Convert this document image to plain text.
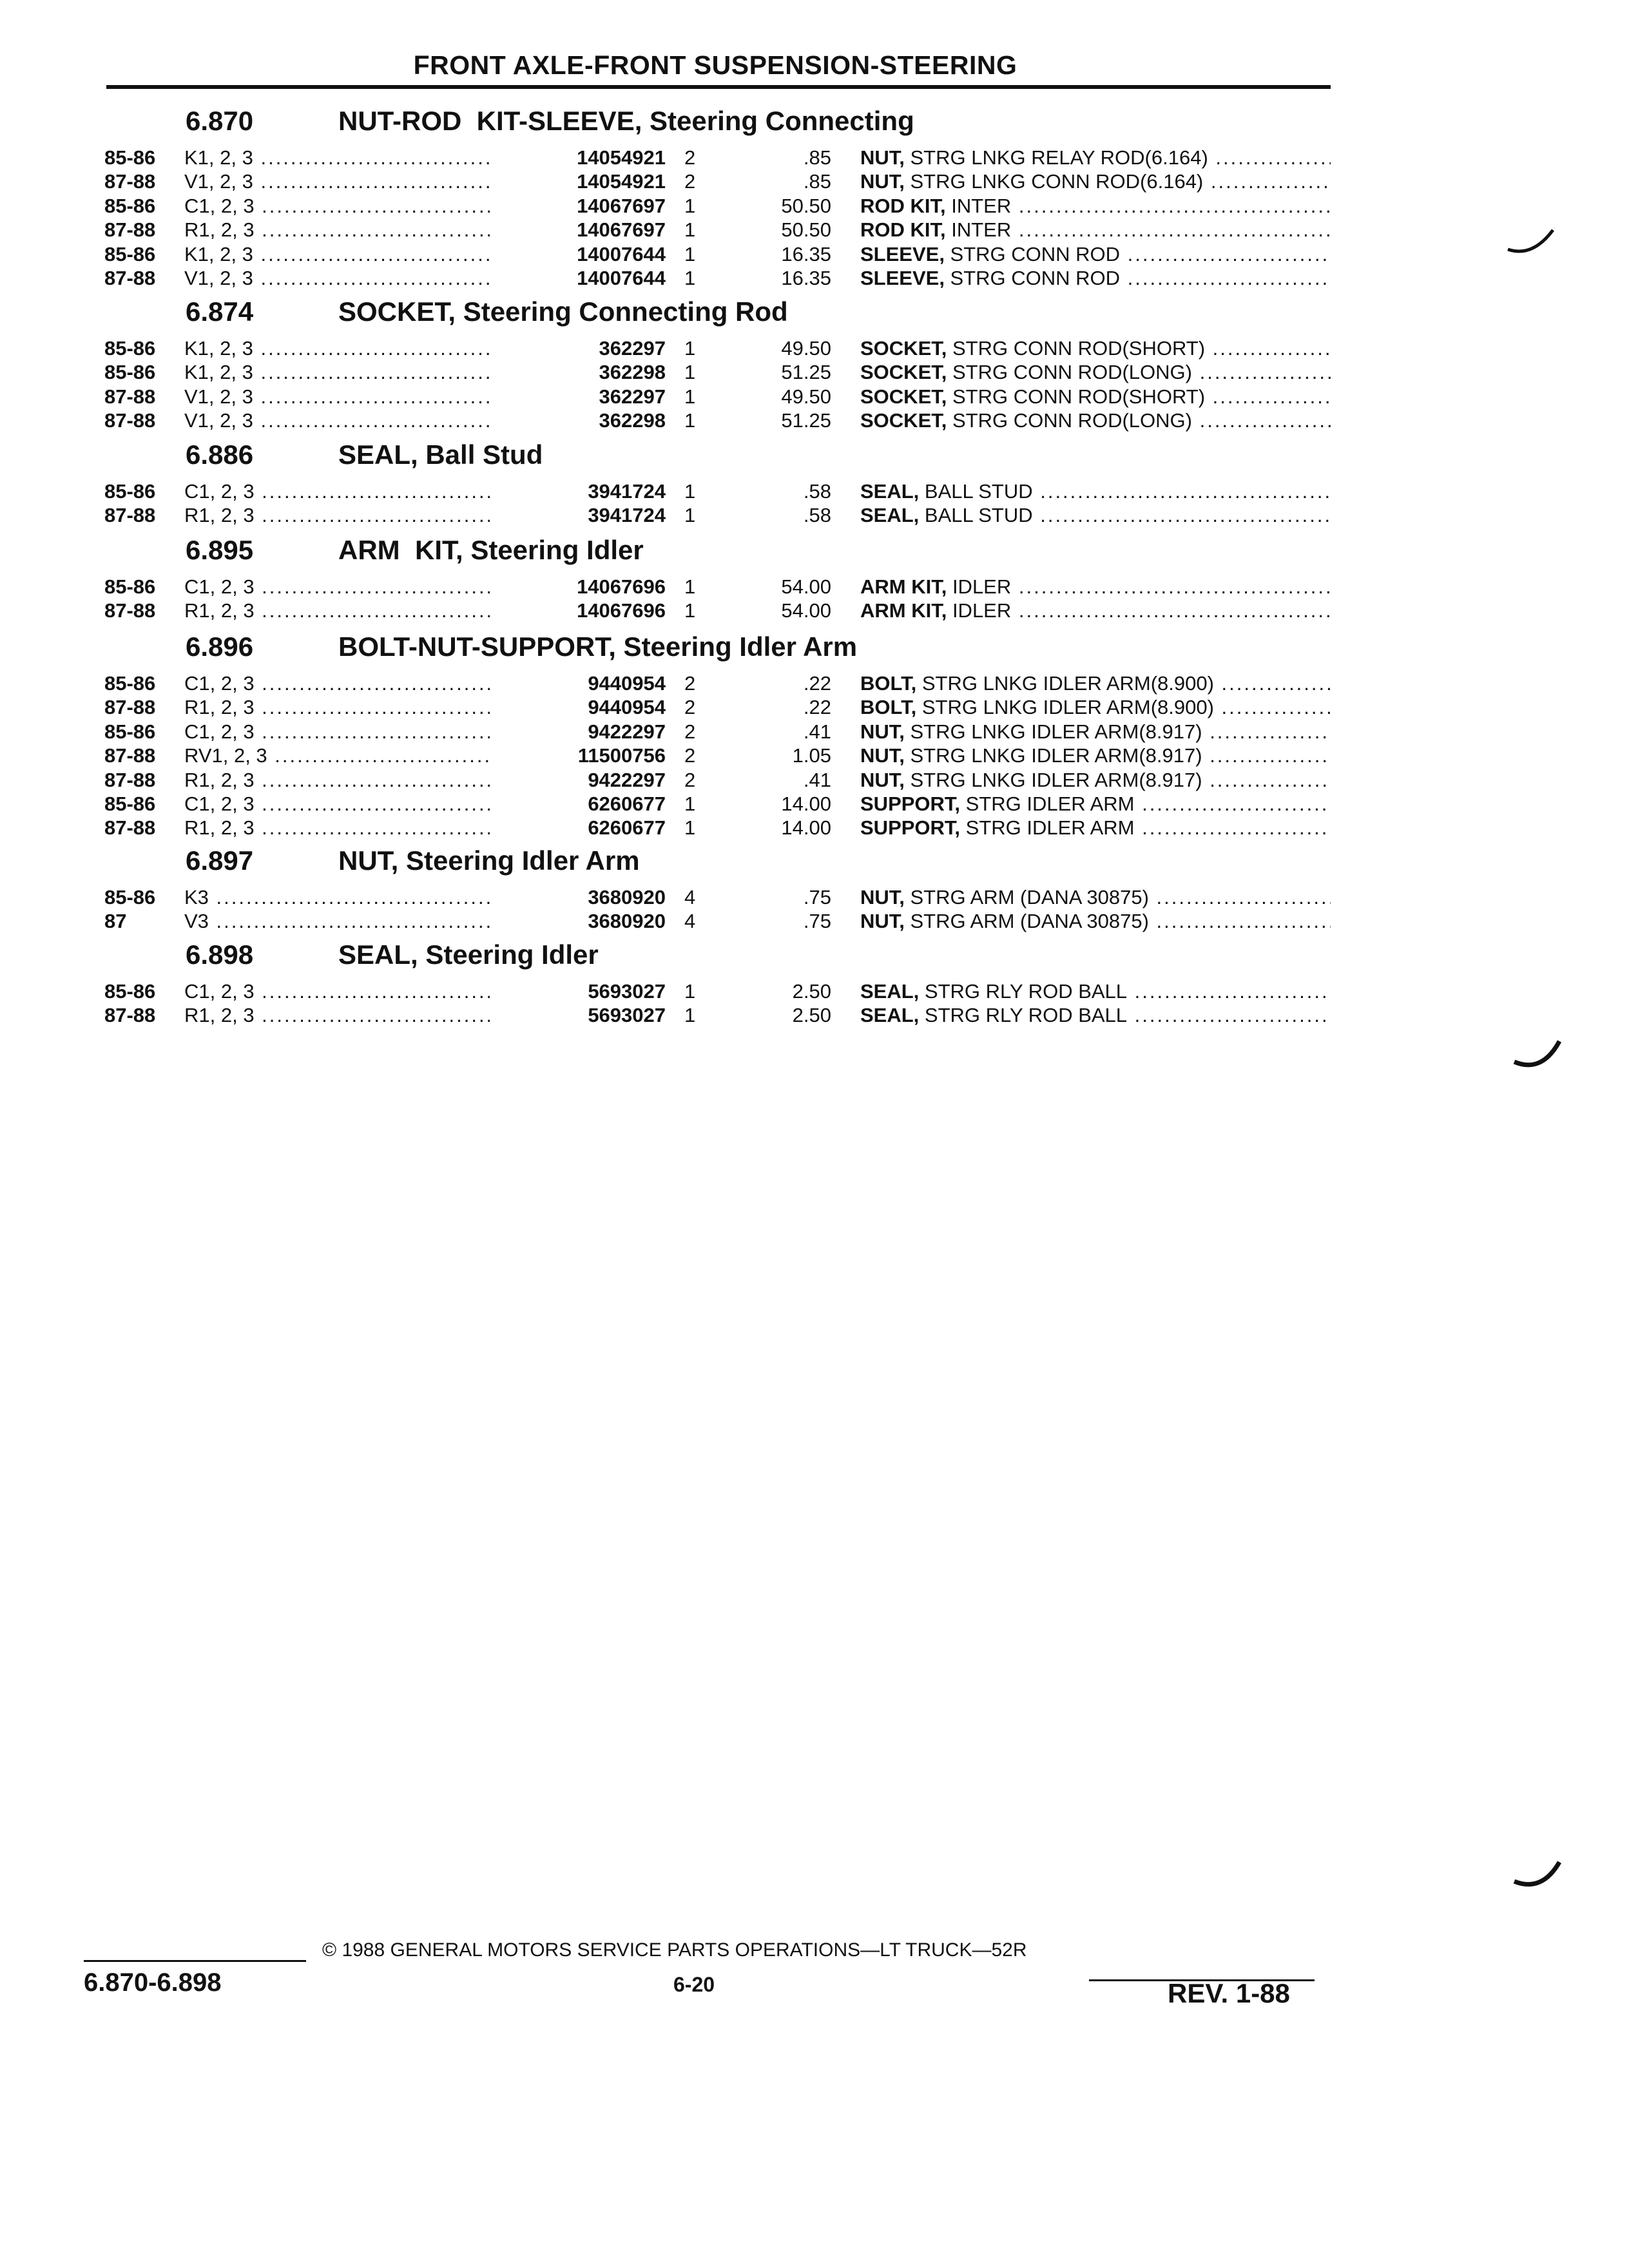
FRONT AXLE-FRONT SUSPENSION-STEERING
6.870	NUT-ROD  KIT-SLEEVE, Steering Connecting
85-86 K1, 2, 3 .....	14054921 2	.85 NUT, STRG LNKG RELAY ROD(6.164) .....
87-88 V1, 2, 3 .....	14054921 2	.85 NUT, STRG LNKG CONN ROD(6.164) .....
85-86 C1, 2, 3 .....	14067697 1	50.50 ROD KIT, INTER .....
87-88 R1, 2, 3 .....	14067697 1	50.50 ROD KIT, INTER .....
85-86 K1, 2, 3 .....	14007644 1	16.35 SLEEVE, STRG CONN ROD .....
87-88 V1, 2, 3 .....	14007644 1	16.35 SLEEVE, STRG CONN ROD .....
6.874	SOCKET, Steering Connecting Rod
85-86 K1, 2, 3 .....	362297 1	49.50 SOCKET, STRG CONN ROD(SHORT) .....
85-86 K1, 2, 3 .....	362298 1	51.25 SOCKET, STRG CONN ROD(LONG) .....
87-88 V1, 2, 3 .....	362297 1	49.50 SOCKET, STRG CONN ROD(SHORT) .....
87-88 V1, 2, 3 .....	362298 1	51.25 SOCKET, STRG CONN ROD(LONG) .....
6.886	SEAL, Ball Stud
85-86 C1, 2, 3 .....	3941724 1	.58 SEAL, BALL STUD .....
87-88 R1, 2, 3 .....	3941724 1	.58 SEAL, BALL STUD .....
6.895	ARM  KIT, Steering Idler
85-86 C1, 2, 3 .....	14067696 1	54.00 ARM KIT, IDLER .....
87-88 R1, 2, 3 .....	14067696 1	54.00 ARM KIT, IDLER .....
6.896	BOLT-NUT-SUPPORT, Steering Idler Arm
85-86 C1, 2, 3 .....	9440954 2	.22 BOLT, STRG LNKG IDLER ARM(8.900) .....
87-88 R1, 2, 3 .....	9440954 2	.22 BOLT, STRG LNKG IDLER ARM(8.900) .....
85-86 C1, 2, 3 .....	9422297 2	.41 NUT, STRG LNKG IDLER ARM(8.917) .....
87-88 RV1, 2, 3 .....	11500756 2	1.05 NUT, STRG LNKG IDLER ARM(8.917) .....
87-88 R1, 2, 3 .....	9422297 2	.41 NUT, STRG LNKG IDLER ARM(8.917) .....
85-86 C1, 2, 3 .....	6260677 1	14.00 SUPPORT, STRG IDLER ARM .....
87-88 R1, 2, 3 .....	6260677 1	14.00 SUPPORT, STRG IDLER ARM .....
6.897	NUT, Steering Idler Arm
85-86 K3 .....	3680920 4	.75 NUT, STRG ARM (DANA 30875) .....
87	V3 .....	3680920 4	.75 NUT, STRG ARM (DANA 30875) .....
6.898	SEAL, Steering Idler
85-86 C1, 2, 3 .....	5693027 1	2.50 SEAL, STRG RLY ROD BALL .....
87-88 R1, 2, 3 .....	5693027 1	2.50 SEAL, STRG RLY ROD BALL .....
© 1988 GENERAL MOTORS SERVICE PARTS OPERATIONS—LT TRUCK—52R
6.870-6.898	6-20	REV. 1-88
